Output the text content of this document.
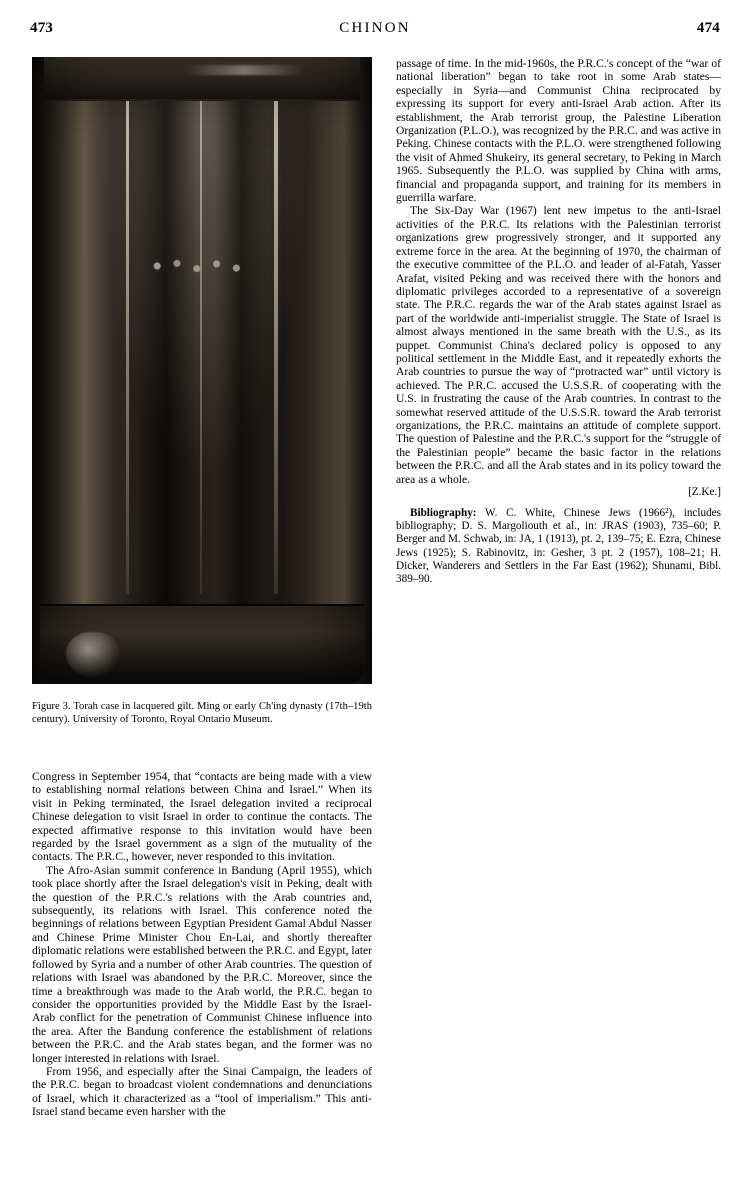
473	CHINON	474

Figure 3. Torah case in lacquered gilt. Ming or early Ch'ing dynasty (17th–19th century). University of Toronto, Royal Ontario Museum.

Congress in September 1954, that “contacts are being made with a view to establishing normal relations between China and Israel.” When its visit in Peking terminated, the Israel delegation invited a reciprocal Chinese delegation to visit Israel in order to continue the contacts. The expected affirmative response to this invitation would have been regarded by the Israel government as a sign of the mutuality of the contacts. The P.R.C., however, never responded to this invitation.

The Afro-Asian summit conference in Bandung (April 1955), which took place shortly after the Israel delegation's visit in Peking, dealt with the question of the P.R.C.'s relations with the Arab countries and, subsequently, its relations with Israel. This conference noted the beginnings of relations between Egyptian President Gamal Abdul Nasser and Chinese Prime Minister Chou En-Lai, and shortly thereafter diplomatic relations were established between the P.R.C. and Egypt, later followed by Syria and a number of other Arab countries. The question of relations with Israel was abandoned by the P.R.C. Moreover, since the time a breakthrough was made to the Arab world, the P.R.C. began to consider the opportunities provided by the Middle East by the Israel-Arab conflict for the penetration of Communist Chinese influence into the area. After the Bandung conference the establishment of relations between the P.R.C. and the Arab states began, and the former was no longer interested in relations with Israel.

From 1956, and especially after the Sinai Campaign, the leaders of the P.R.C. began to broadcast violent condemnations and denunciations of Israel, which it characterized as a “tool of imperialism.” This anti-Israel stand became even harsher with the

passage of time. In the mid-1960s, the P.R.C.'s concept of the “war of national liberation” began to take root in some Arab states—especially in Syria—and Communist China reciprocated by expressing its support for every anti-Israel Arab action. After its establishment, the Arab terrorist group, the Palestine Liberation Organization (P.L.O.), was recognized by the P.R.C. and was active in Peking. Chinese contacts with the P.L.O. were strengthened following the visit of Ahmed Shukeiry, its general secretary, to Peking in March 1965. Subsequently the P.L.O. was supplied by China with arms, financial and propaganda support, and training for its members in guerrilla warfare.

The Six-Day War (1967) lent new impetus to the anti-Israel activities of the P.R.C. Its relations with the Palestinian terrorist organizations grew progressively stronger, and it supported any extreme force in the area. At the beginning of 1970, the chairman of the executive committee of the P.L.O. and leader of al-Fatah, Yasser Arafat, visited Peking and was received there with the honors and diplomatic privileges accorded to a representative of a sovereign state. The P.R.C. regards the war of the Arab states against Israel as part of the worldwide anti-imperialist struggle. The State of Israel is almost always mentioned in the same breath with the U.S., as its puppet. Communist China's declared policy is opposed to any political settlement in the Middle East, and it repeatedly exhorts the Arab countries to pursue the way of “protracted war” until victory is achieved. The P.R.C. accused the U.S.S.R. of cooperating with the U.S. in frustrating the cause of the Arab countries. In contrast to the somewhat reserved attitude of the U.S.S.R. toward the Arab terrorist organizations, the P.R.C. maintains an attitude of complete support. The question of Palestine and the P.R.C.'s support for the “struggle of the Palestinian people” became the basic factor in the relations between the P.R.C. and all the Arab states and in its policy toward the area as a whole.

[Z.Ke.]
Bibliography: W. C. White, Chinese Jews (1966²), includes bibliography; D. S. Margoliouth et al., in: JRAS (1903), 735–60; P. Berger and M. Schwab, in: JA, 1 (1913), pt. 2, 139–75; E. Ezra, Chinese Jews (1925); S. Rabinovitz, in: Gesher, 3 pt. 2 (1957), 108–21; H. Dicker, Wanderers and Settlers in the Far East (1962); Shunami, Bibl. 389–90.
